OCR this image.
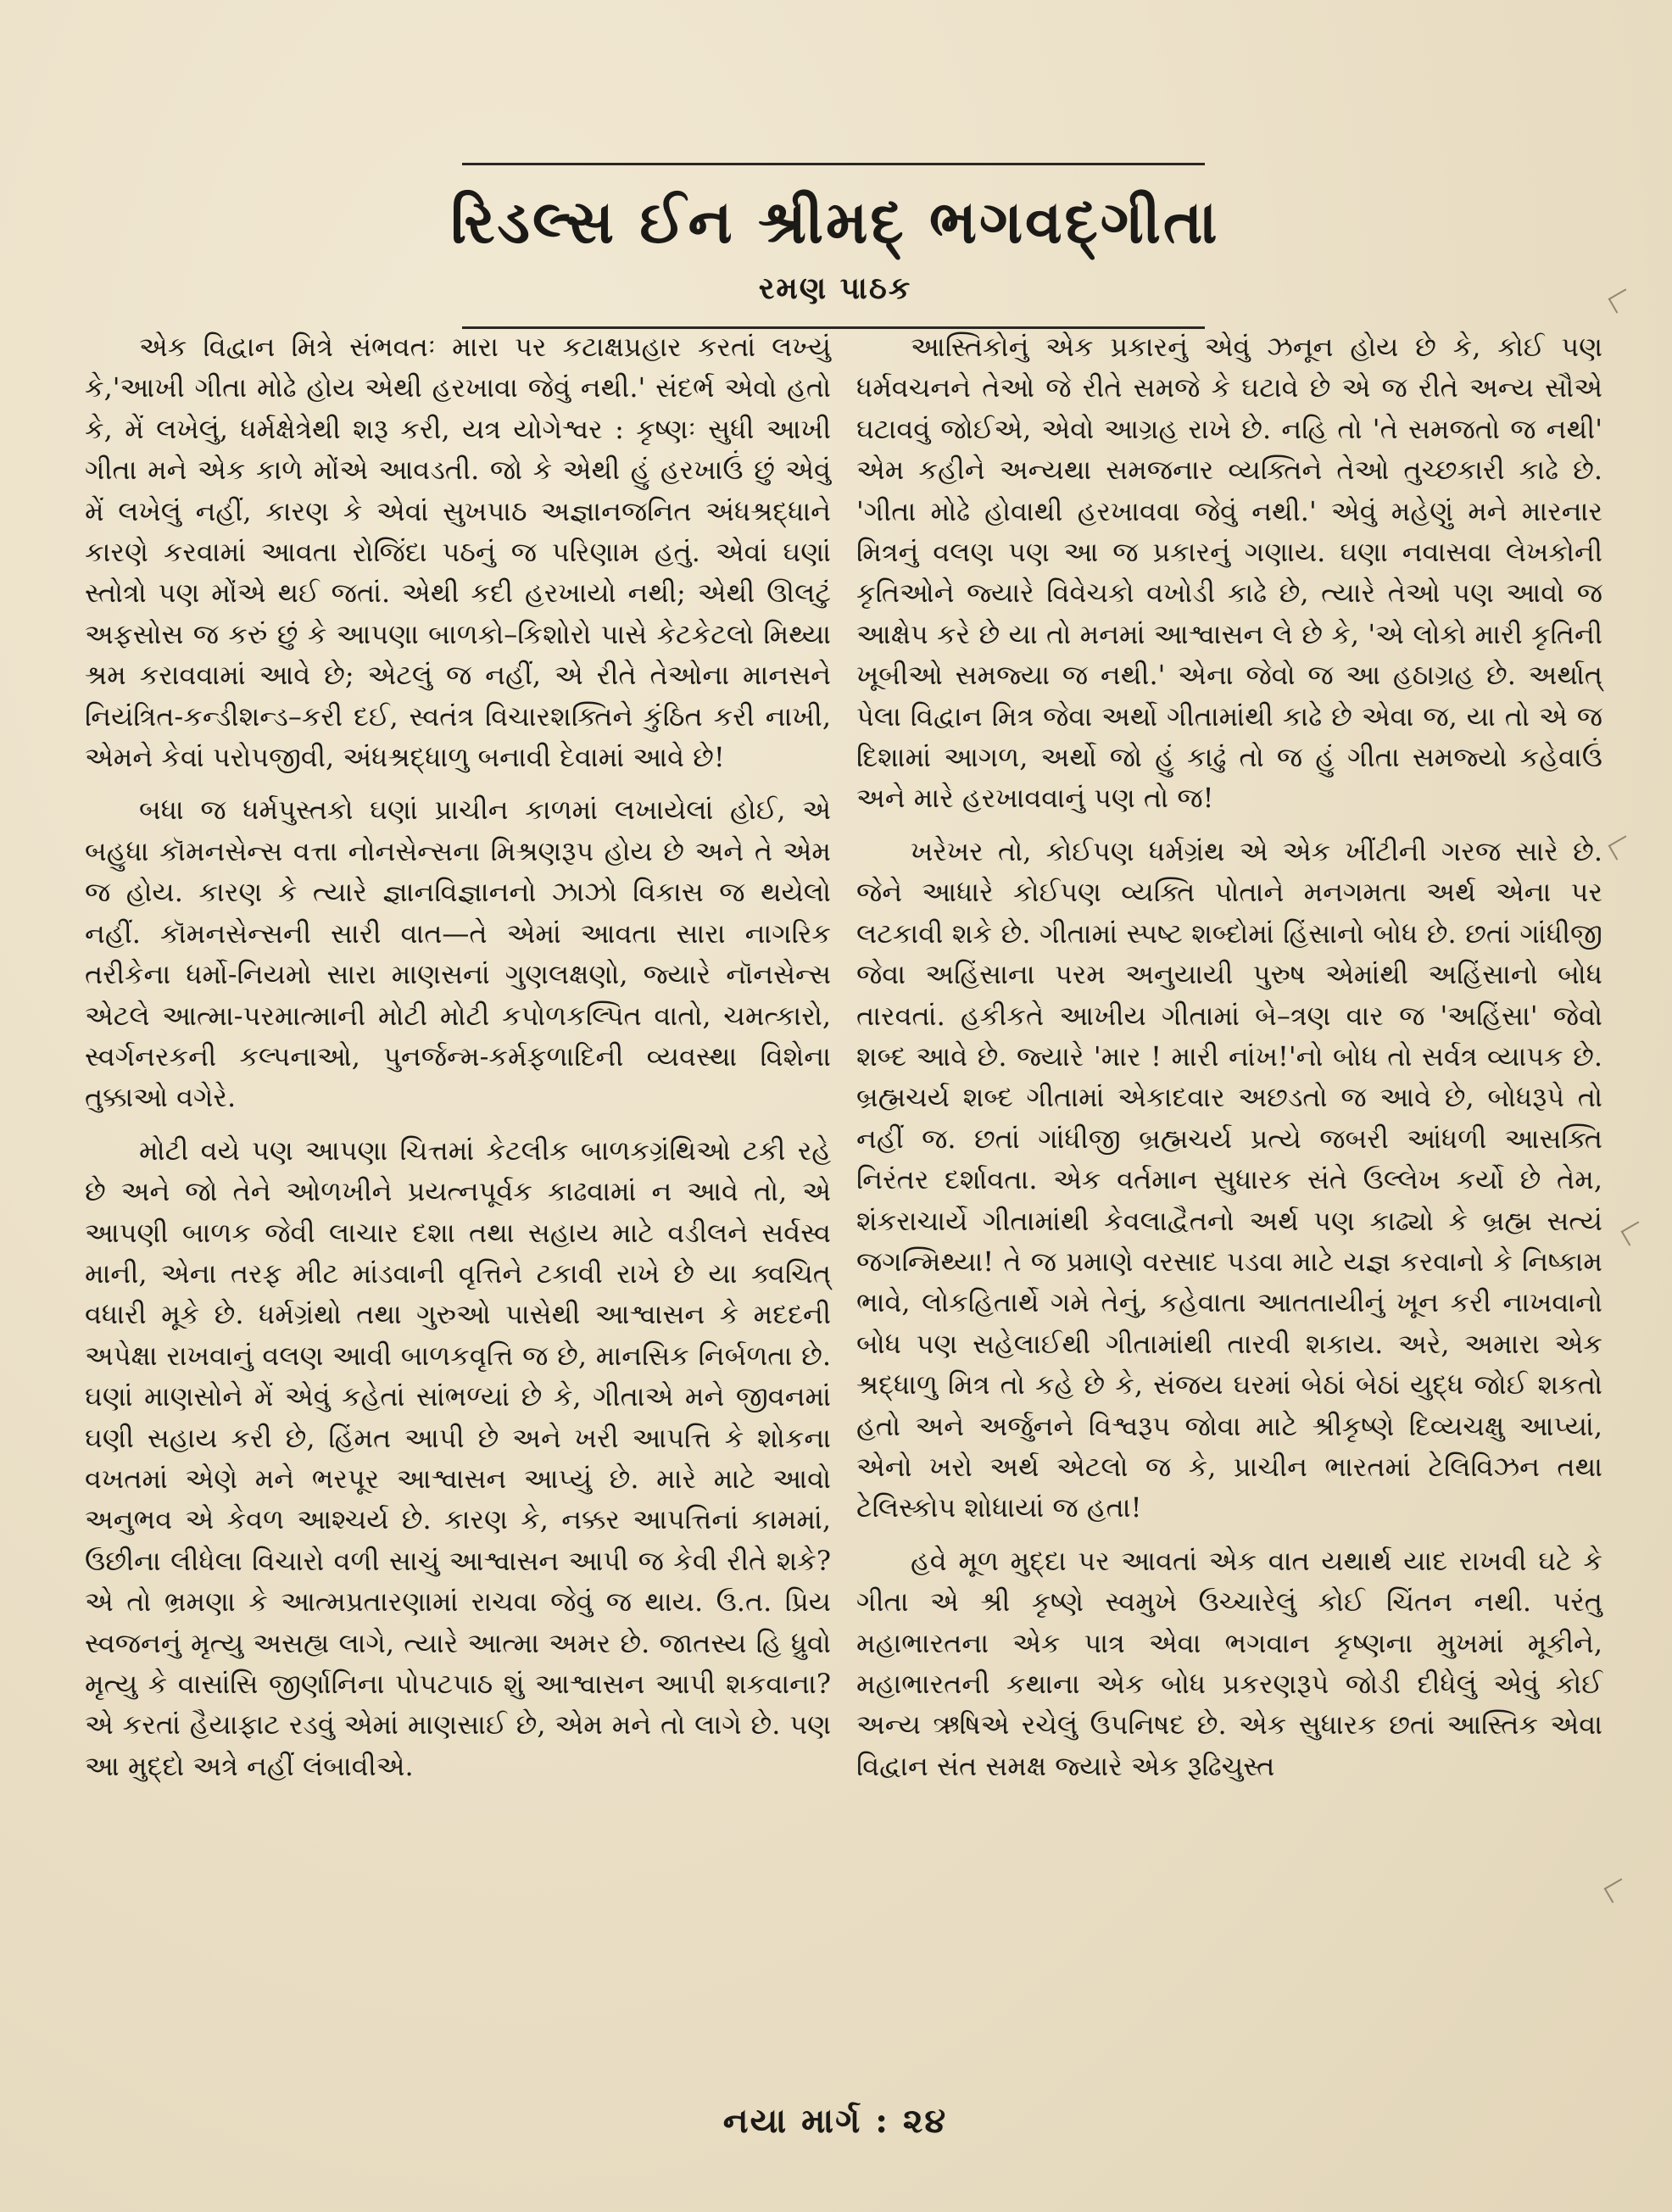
રિડલ્સ ઈન શ્રીમદ્ ભગવદ્ગીતા
રમણ પાઠક

એક વિદ્વાન મિત્રે સંભવતઃ મારા પર કટાક્ષપ્રહાર કરતાં લખ્યું કે,'આખી ગીતા મોઢે હોય એથી હરખાવા જેવું નથી.' સંદર્ભ એવો હતો કે, મેં લખેલું, ધર્મક્ષેત્રેથી શરૂ કરી, યત્ર યોગેશ્વર : કૃષ્ણઃ સુધી આખી ગીતા મને એક કાળે મોંએ આવડતી. જો કે એથી હું હરખાઉં છું એવું મેં લખેલું નહીં, કારણ કે એવાં સુખપાઠ અજ્ઞાનજનિત અંધશ્રદ્ધાને કારણે કરવામાં આવતા રોજિંદા પઠનું જ પરિણામ હતું. એવાં ઘણાં સ્તોત્રો પણ મોંએ થઈ જતાં. એથી કદી હરખાયો નથી; એથી ઊલટું અફસોસ જ કરું છું કે આપણા બાળકો–કિશોરો પાસે કેટકેટલો મિથ્યા શ્રમ કરાવવામાં આવે છે; એટલું જ નહીં, એ રીતે તેઓના માનસને નિયંત્રિત-કન્ડીશન્ડ–કરી દઈ, સ્વતંત્ર વિચારશક્તિને કુંઠિત કરી નાખી, એમને કેવાં પરોપજીવી, અંધશ્રદ્ધાળુ બનાવી દેવામાં આવે છે!

બધા જ ધર્મપુસ્તકો ઘણાં પ્રાચીન કાળમાં લખાયેલાં હોઈ, એ બહુધા કૉમનસેન્સ વત્તા નોનસેન્સના મિશ્રણરૂપ હોય છે અને તે એમ જ હોય. કારણ કે ત્યારે જ્ઞાનવિજ્ઞાનનો ઝાઝો વિકાસ જ થયેલો નહીં. કૉમનસેન્સની સારી વાત—તે એમાં આવતા સારા નાગરિક તરીકેના ધર્મો-નિયમો સારા માણસનાં ગુણલક્ષણો, જ્યારે નૉનસેન્સ એટલે આત્મા-પરમાત્માની મોટી મોટી કપોળકલ્પિત વાતો, ચમત્કારો, સ્વર્ગનરકની કલ્પનાઓ, પુનર્જન્મ-કર્મફળાદિની વ્યવસ્થા વિશેના તુક્કાઓ વગેરે.

મોટી વયે પણ આપણા ચિત્તમાં કેટલીક બાળકગ્રંથિઓ ટકી રહે છે અને જો તેને ઓળખીને પ્રયત્નપૂર્વક કાઢવામાં ન આવે તો, એ આપણી બાળક જેવી લાચાર દશા તથા સહાય માટે વડીલને સર્વસ્વ માની, એના તરફ મીટ માંડવાની વૃત્તિને ટકાવી રાખે છે યા ક્વચિત્ વધારી મૂકે છે. ધર્મગ્રંથો તથા ગુરુઓ પાસેથી આશ્વાસન કે મદદની અપેક્ષા રાખવાનું વલણ આવી બાળકવૃત્તિ જ છે, માનસિક નિર્બળતા છે. ઘણાં માણસોને મેં એવું કહેતાં સાંભળ્યાં છે કે, ગીતાએ મને જીવનમાં ઘણી સહાય કરી છે, હિંમત આપી છે અને ખરી આપત્તિ કે શોકના વખતમાં એણે મને ભરપૂર આશ્વાસન આપ્યું છે. મારે માટે આવો અનુભવ એ કેવળ આશ્ચર્ય છે. કારણ કે, નક્કર આપત્તિનાં કામમાં, ઉછીના લીધેલા વિચારો વળી સાચું આશ્વાસન આપી જ કેવી રીતે શકે? એ તો ભ્રમણા કે આત્મપ્રતારણામાં રાચવા જેવું જ થાય. ઉ.ત. પ્રિય સ્વજનનું મૃત્યુ અસહ્ય લાગે, ત્યારે આત્મા અમર છે. જાતસ્ય હિ ધ્રુવો મૃત્યુ કે વાસાંસિ જીર્ણાનિના પોપટપાઠ શું આશ્વાસન આપી શકવાના? એ કરતાં હૈયાફાટ રડવું એમાં માણસાઈ છે, એમ મને તો લાગે છે. પણ આ મુદ્દો અત્રે નહીં લંબાવીએ.

આસ્તિકોનું એક પ્રકારનું એવું ઝનૂન હોય છે કે, કોઈ પણ ધર્મવચનને તેઓ જે રીતે સમજે કે ઘટાવે છે એ જ રીતે અન્ય સૌએ ઘટાવવું જોઈએ, એવો આગ્રહ રાખે છે. નહિ તો 'તે સમજતો જ નથી' એમ કહીને અન્યથા સમજનાર વ્યક્તિને તેઓ તુચ્છકારી કાઢે છે. 'ગીતા મોઢે હોવાથી હરખાવવા જેવું નથી.' એવું મહેણું મને મારનાર મિત્રનું વલણ પણ આ જ પ્રકારનું ગણાય. ઘણા નવાસવા લેખકોની કૃતિઓને જ્યારે વિવેચકો વખોડી કાઢે છે, ત્યારે તેઓ પણ આવો જ આક્ષેપ કરે છે યા તો મનમાં આશ્વાસન લે છે કે, 'એ લોકો મારી કૃતિની ખૂબીઓ સમજ્યા જ નથી.' એના જેવો જ આ હઠાગ્રહ છે. અર્થાત્ પેલા વિદ્વાન મિત્ર જેવા અર્થો ગીતામાંથી કાઢે છે એવા જ, યા તો એ જ દિશામાં આગળ, અર્થો જો હું કાઢું તો જ હું ગીતા સમજ્યો કહેવાઉં અને મારે હરખાવવાનું પણ તો જ!

ખરેખર તો, કોઈપણ ધર્મગ્રંથ એ એક ખીંટીની ગરજ સારે છે. જેને આધારે કોઈપણ વ્યક્તિ પોતાને મનગમતા અર્થ એના પર લટકાવી શકે છે. ગીતામાં સ્પષ્ટ શબ્દોમાં હિંસાનો બોધ છે. છતાં ગાંધીજી જેવા અહિંસાના પરમ અનુયાયી પુરુષ એમાંથી અહિંસાનો બોધ તારવતાં. હકીકતે આખીય ગીતામાં બે–ત્રણ વાર જ 'અહિંસા' જેવો શબ્દ આવે છે. જ્યારે 'માર ! મારી નાંખ!'નો બોધ તો સર્વત્ર વ્યાપક છે. બ્રહ્મચર્ય શબ્દ ગીતામાં એકાદવાર અછડતો જ આવે છે, બોધરૂપે તો નહીં જ. છતાં ગાંધીજી બ્રહ્મચર્ય પ્રત્યે જબરી આંધળી આસક્તિ નિરંતર દર્શાવતા. એક વર્તમાન સુધારક સંતે ઉલ્લેખ કર્યો છે તેમ, શંકરાચાર્યે ગીતામાંથી કેવલાદ્વૈતનો અર્થ પણ કાઢ્યો કે બ્રહ્મ સત્યં જગન્મિથ્યા! તે જ પ્રમાણે વરસાદ પડવા માટે યજ્ઞ કરવાનો કે નિષ્કામ ભાવે, લોકહિતાર્થે ગમે તેનું, કહેવાતા આતતાયીનું ખૂન કરી નાખવાનો બોધ પણ સહેલાઈથી ગીતામાંથી તારવી શકાય. અરે, અમારા એક શ્રદ્ધાળુ મિત્ર તો કહે છે કે, સંજય ઘરમાં બેઠાં બેઠાં યુદ્ધ જોઈ શકતો હતો અને અર્જુનને વિશ્વરૂપ જોવા માટે શ્રીકૃષ્ણે દિવ્યચક્ષુ આપ્યાં, એનો ખરો અર્થ એટલો જ કે, પ્રાચીન ભારતમાં ટેલિવિઝન તથા ટેલિસ્કોપ શોધાયાં જ હતા!

હવે મૂળ મુદ્દા પર આવતાં એક વાત યથાર્થ યાદ રાખવી ઘટે કે ગીતા એ શ્રી કૃષ્ણે સ્વમુખે ઉચ્ચારેલું કોઈ ચિંતન નથી. પરંતુ મહાભારતના એક પાત્ર એવા ભગવાન કૃષ્ણના મુખમાં મૂકીને, મહાભારતની કથાના એક બોધ પ્રકરણરૂપે જોડી દીધેલું એવું કોઈ અન્ય ઋષિએ રચેલું ઉપનિષદ છે. એક સુધારક છતાં આસ્તિક એવા વિદ્વાન સંત સમક્ષ જ્યારે એક રૂઢિચુસ્ત

નયા માર્ગ : ૨૪
